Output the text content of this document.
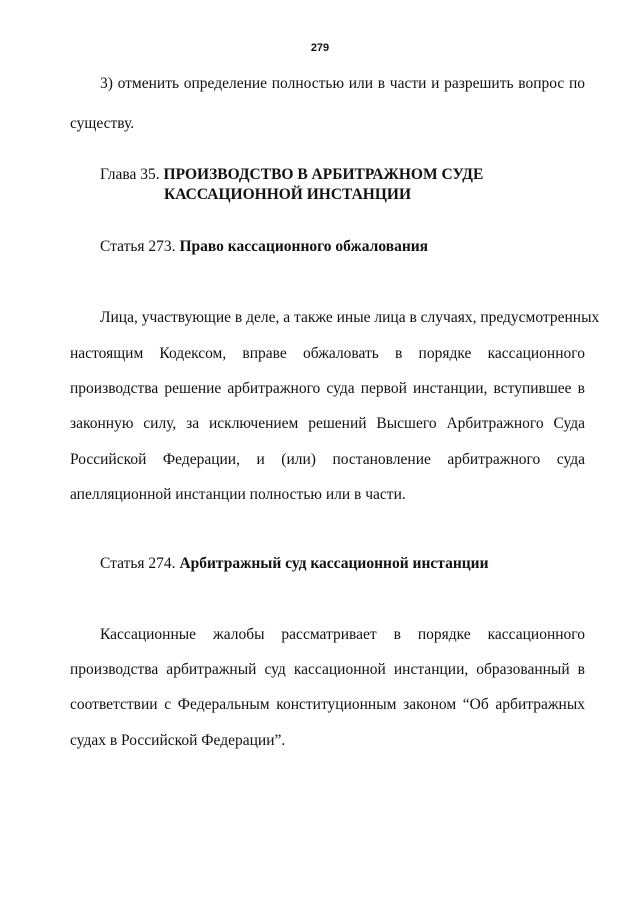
279
3) отменить определение полностью или в части и разрешить вопрос по
существу.
Глава 35. ПРОИЗВОДСТВО В АРБИТРАЖНОМ СУДЕ
КАССАЦИОННОЙ ИНСТАНЦИИ
Статья 273. Право кассационного обжалования
Лица, участвующие в деле, а также иные лица в случаях, предусмотренных
настоящим Кодексом, вправе обжаловать в порядке кассационного
производства решение арбитражного суда первой инстанции, вступившее в
законную силу, за исключением решений Высшего Арбитражного Суда
Российской Федерации, и (или) постановление арбитражного суда
апелляционной инстанции полностью или в части.
Статья 274. Арбитражный суд кассационной инстанции
Кассационные жалобы рассматривает в порядке кассационного
производства арбитражный суд кассационной инстанции, образованный в
соответствии с Федеральным конституционным законом “Об арбитражных
судах в Российской Федерации”.
